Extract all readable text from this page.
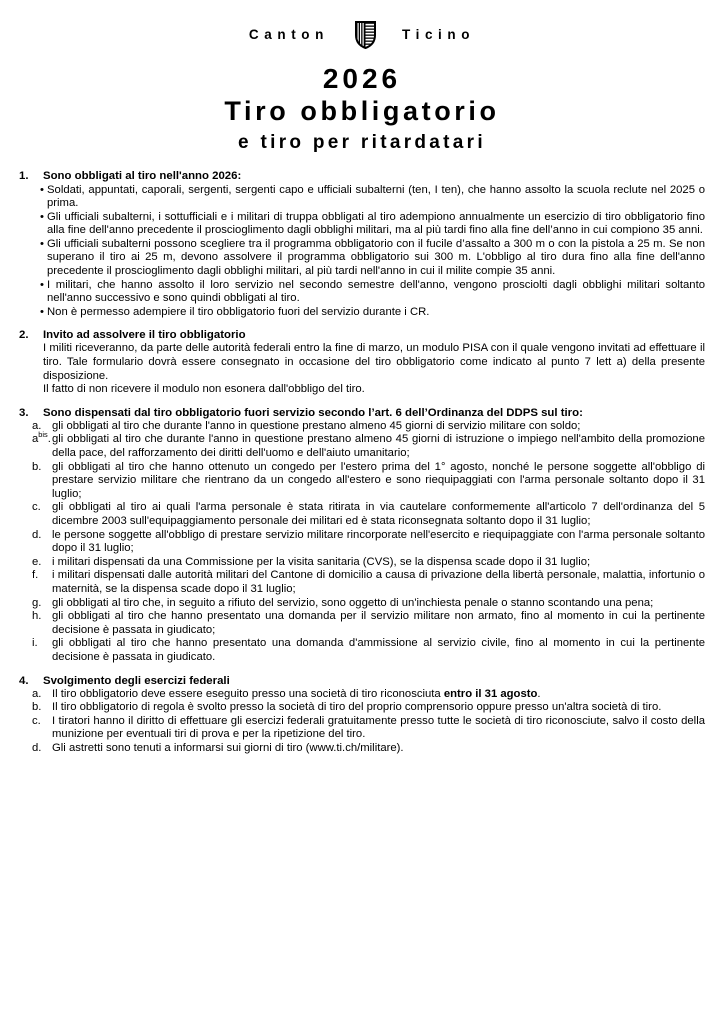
Canton	Ticino
2026
Tiro obbligatorio
e tiro per ritardatari
1.	Sono obbligati al tiro nell'anno 2026:
• Soldati, appuntati, caporali, sergenti, sergenti capo e ufficiali subalterni (ten, I ten), che hanno assolto la scuola reclute nel 2025 o prima.
• Gli ufficiali subalterni, i sottufficiali e i militari di truppa obbligati al tiro adempiono annualmente un esercizio di tiro obbligatorio fino alla fine dell'anno precedente il proscioglimento dagli obblighi militari, ma al più tardi fino alla fine dell’anno in cui compiono 35 anni.
• Gli ufficiali subalterni possono scegliere tra il programma obbligatorio con il fucile d’assalto a 300 m o con la pistola a 25 m. Se non superano il tiro ai 25 m, devono assolvere il programma obbligatorio sui 300 m. L'obbligo al tiro dura fino alla fine dell'anno precedente il proscioglimento dagli obblighi militari, al più tardi nell'anno in cui il milite compie 35 anni.
• I militari, che hanno assolto il loro servizio nel secondo semestre dell'anno, vengono prosciolti dagli obblighi militari soltanto nell'anno successivo e sono quindi obbligati al tiro.
• Non è permesso adempiere il tiro obbligatorio fuori del servizio durante i CR.
2.	Invito ad assolvere il tiro obbligatorio
I militi riceveranno, da parte delle autorità federali entro la fine di marzo, un modulo PISA con il quale vengono invitati ad effettuare il tiro. Tale formulario dovrà essere consegnato in occasione del tiro obbligatorio come indicato al punto 7 lett a) della presente disposizione.
Il fatto di non ricevere il modulo non esonera dall'obbligo del tiro.
3.	Sono dispensati dal tiro obbligatorio fuori servizio secondo l’art. 6 dell’Ordinanza del DDPS sul tiro:
a. gli obbligati al tiro che durante l'anno in questione prestano almeno 45 giorni di servizio militare con soldo;
$a^{bis}$. gli obbligati al tiro che durante l'anno in questione prestano almeno 45 giorni di istruzione o impiego nell'ambito della promozione della pace, del rafforzamento dei diritti dell'uomo e dell'aiuto umanitario;
b. gli obbligati al tiro che hanno ottenuto un congedo per l'estero prima del 1° agosto, nonché le persone soggette all'obbligo di prestare servizio militare che rientrano da un congedo all'estero e sono riequipaggiati con l'arma personale soltanto dopo il 31 luglio;
c. gli obbligati al tiro ai quali l'arma personale è stata ritirata in via cautelare conformemente all'articolo 7 dell'ordinanza del 5 dicembre 2003 sull'equipaggiamento personale dei militari ed è stata riconsegnata soltanto dopo il 31 luglio;
d. le persone soggette all'obbligo di prestare servizio militare rincorporate nell'esercito e riequipaggiate con l'arma personale soltanto dopo il 31 luglio;
e. i militari dispensati da una Commissione per la visita sanitaria (CVS), se la dispensa scade dopo il 31 luglio;
f.	i militari dispensati dalle autorità militari del Cantone di domicilio a causa di privazione della libertà personale, malattia, infortunio o maternità, se la dispensa scade dopo il 31 luglio;
g. gli obbligati al tiro che, in seguito a rifiuto del servizio, sono oggetto di un'inchiesta penale o stanno scontando una pena;
h. gli obbligati al tiro che hanno presentato una domanda per il servizio militare non armato, fino al momento in cui la pertinente decisione è passata in giudicato;
i.	gli obbligati al tiro che hanno presentato una domanda d'ammissione al servizio civile, fino al momento in cui la pertinente decisione è passata in giudicato.
4.	Svolgimento degli esercizi federali
a. Il tiro obbligatorio deve essere eseguito presso una società di tiro riconosciuta entro il 31 agosto.
b. Il tiro obbligatorio di regola è svolto presso la società di tiro del proprio comprensorio oppure presso un'altra società di tiro.
c. I tiratori hanno il diritto di effettuare gli esercizi federali gratuitamente presso tutte le società di tiro riconosciute, salvo il costo della munizione per eventuali tiri di prova e per la ripetizione del tiro.
d. Gli astretti sono tenuti a informarsi sui giorni di tiro (www.ti.ch/militare).
